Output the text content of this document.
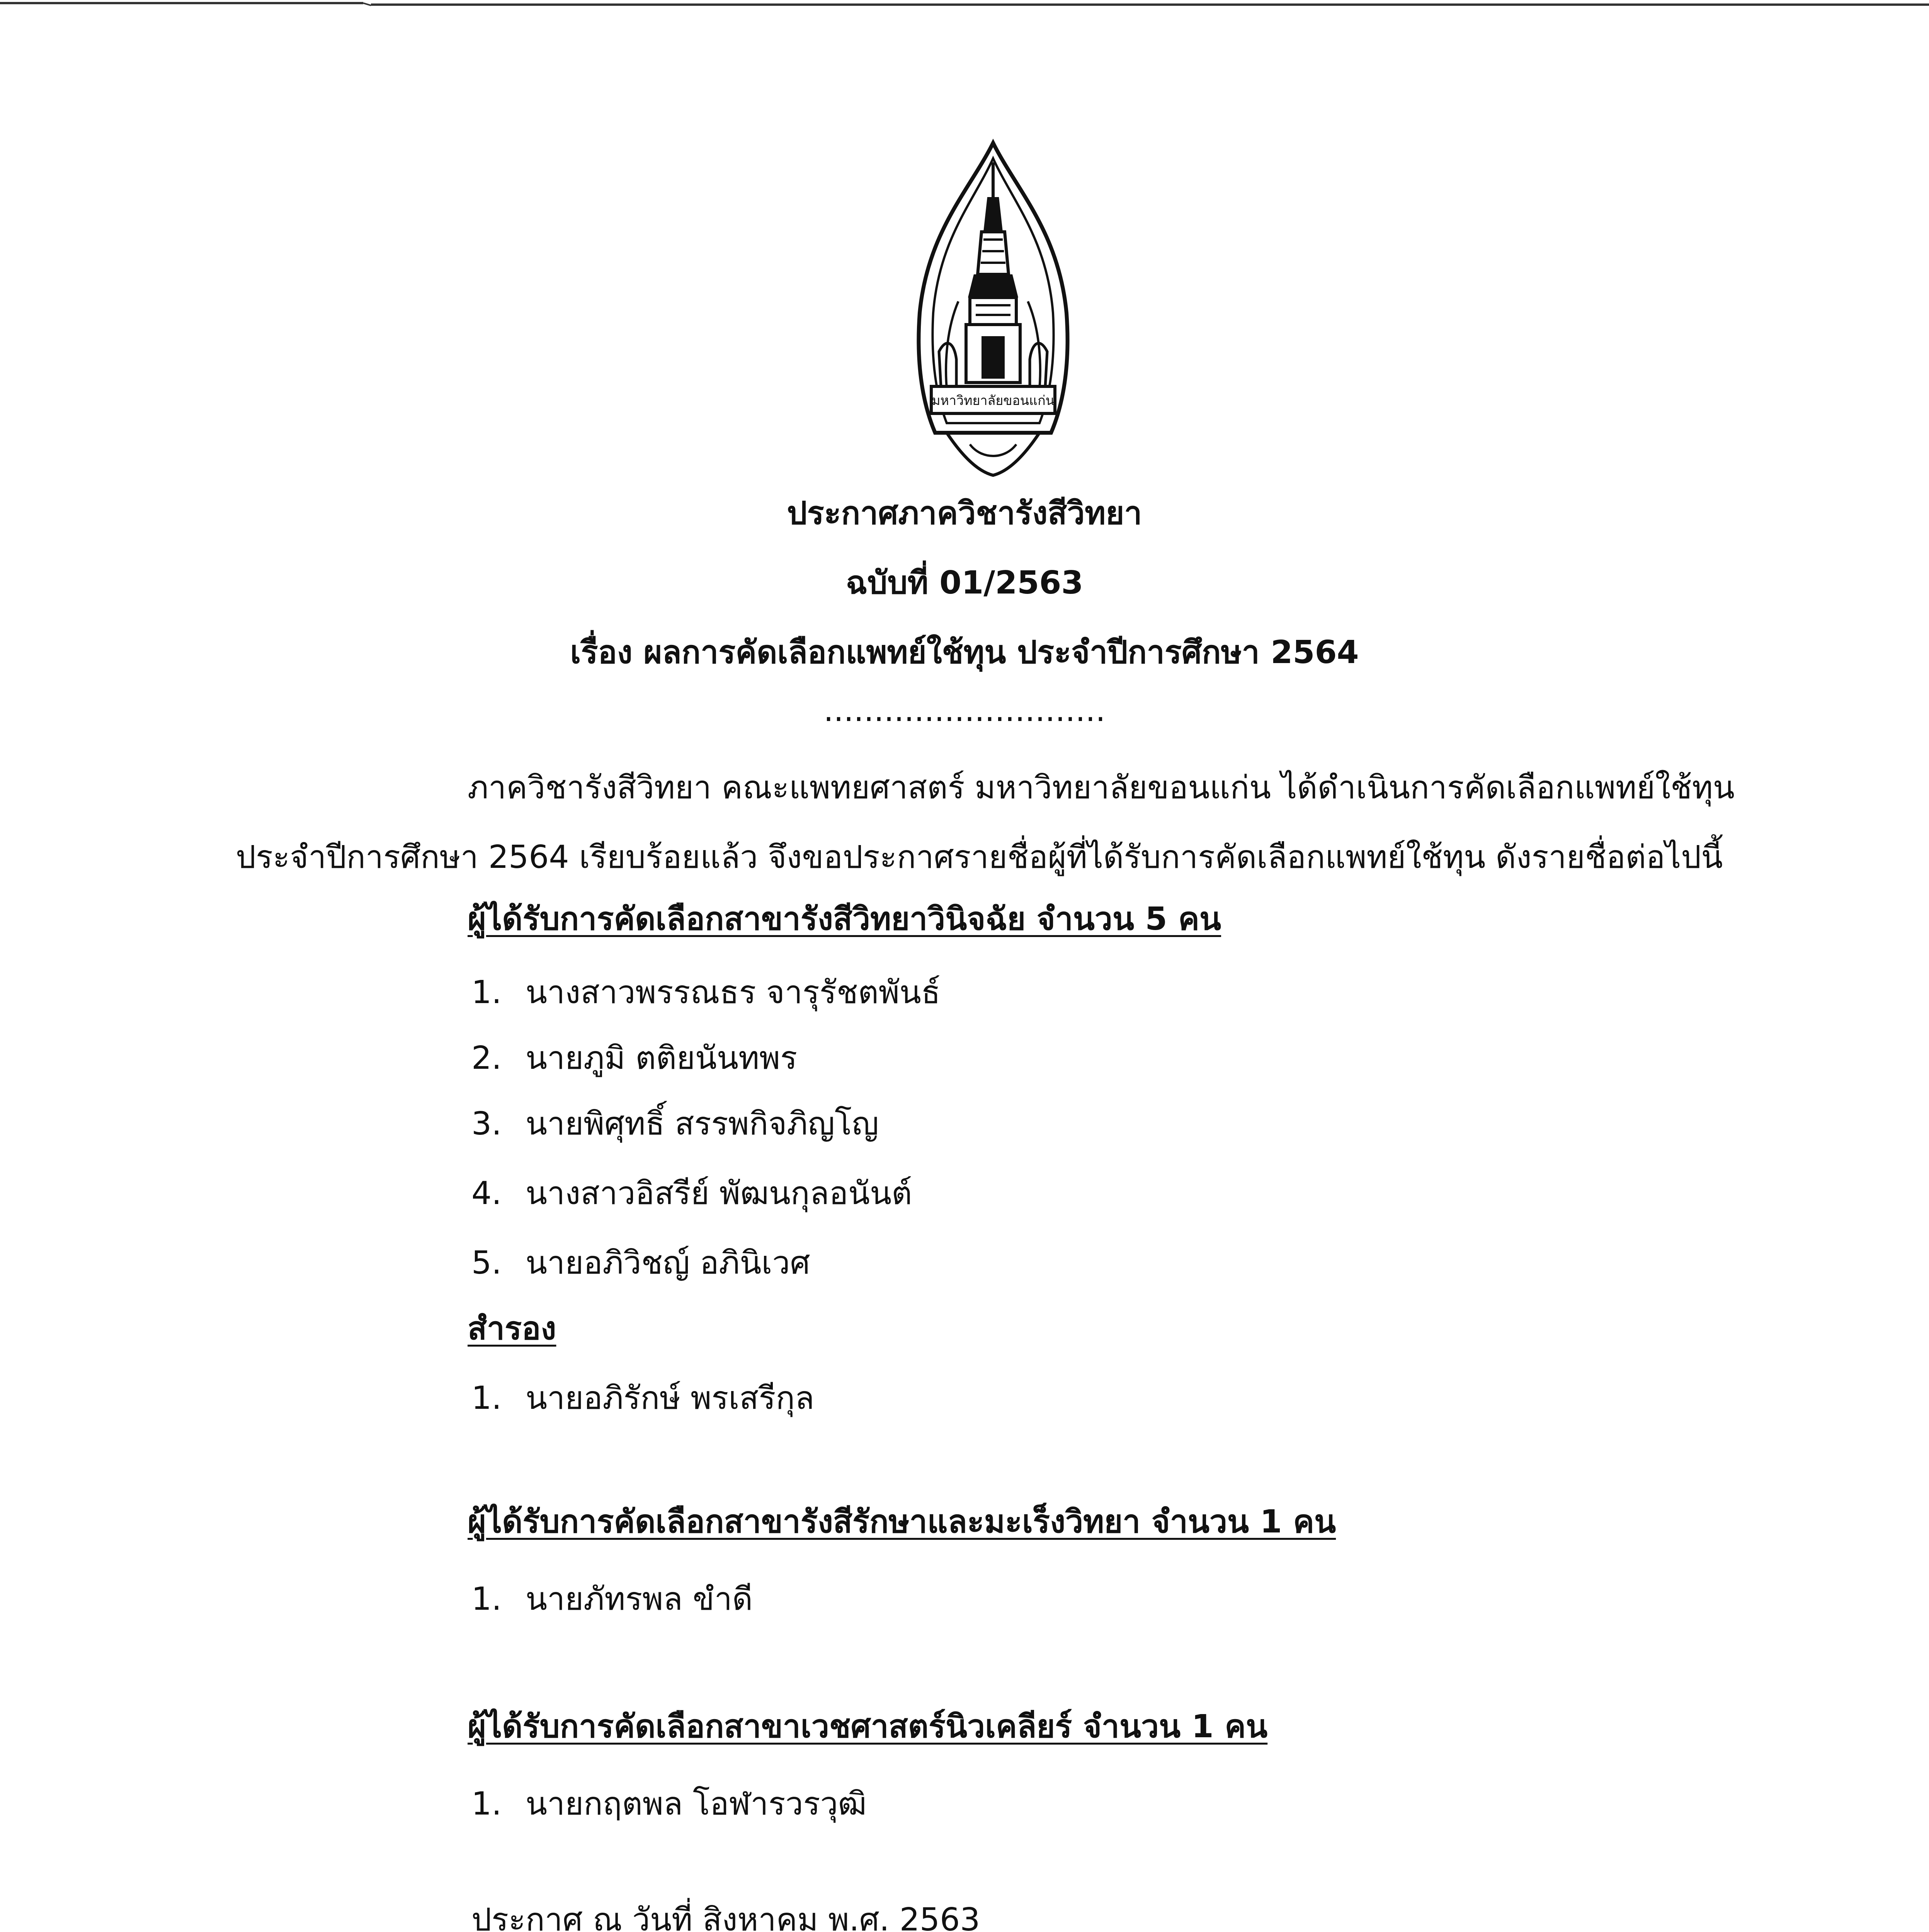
มหาวิทยาลัยขอนแก่น
ประกาศภาควิชารังสีวิทยา
ฉบับที่ 01/2563
เรื่อง ผลการคัดเลือกแพทย์ใช้ทุน ประจำปีการศึกษา 2564
............................
ภาควิชารังสีวิทยา คณะแพทยศาสตร์ มหาวิทยาลัยขอนแก่น ได้ดำเนินการคัดเลือกแพทย์ใช้ทุน
ประจำปีการศึกษา 2564 เรียบร้อยแล้ว จึงขอประกาศรายชื่อผู้ที่ได้รับการคัดเลือกแพทย์ใช้ทุน ดังรายชื่อต่อไปนี้
ผู้ได้รับการคัดเลือกสาขารังสีวิทยาวินิจฉัย จำนวน 5 คน
1. นางสาวพรรณธร จารุรัชตพันธ์
2. นายภูมิ ตติยนันทพร
3. นายพิศุทธิ์ สรรพกิจภิญโญ
4. นางสาวอิสรีย์ พัฒนกุลอนันต์
5. นายอภิวิชญ์ อภินิเวศ
สำรอง
1. นายอภิรักษ์ พรเสรีกุล
ผู้ได้รับการคัดเลือกสาขารังสีรักษาและมะเร็งวิทยา จำนวน 1 คน
1. นายภัทรพล ขำดี
ผู้ได้รับการคัดเลือกสาขาเวชศาสตร์นิวเคลียร์ จำนวน 1 คน
1. นายกฤตพล โอฬารวรวุฒิ
ประกาศ ณ วันที่ สิงหาคม พ.ศ. 2563
